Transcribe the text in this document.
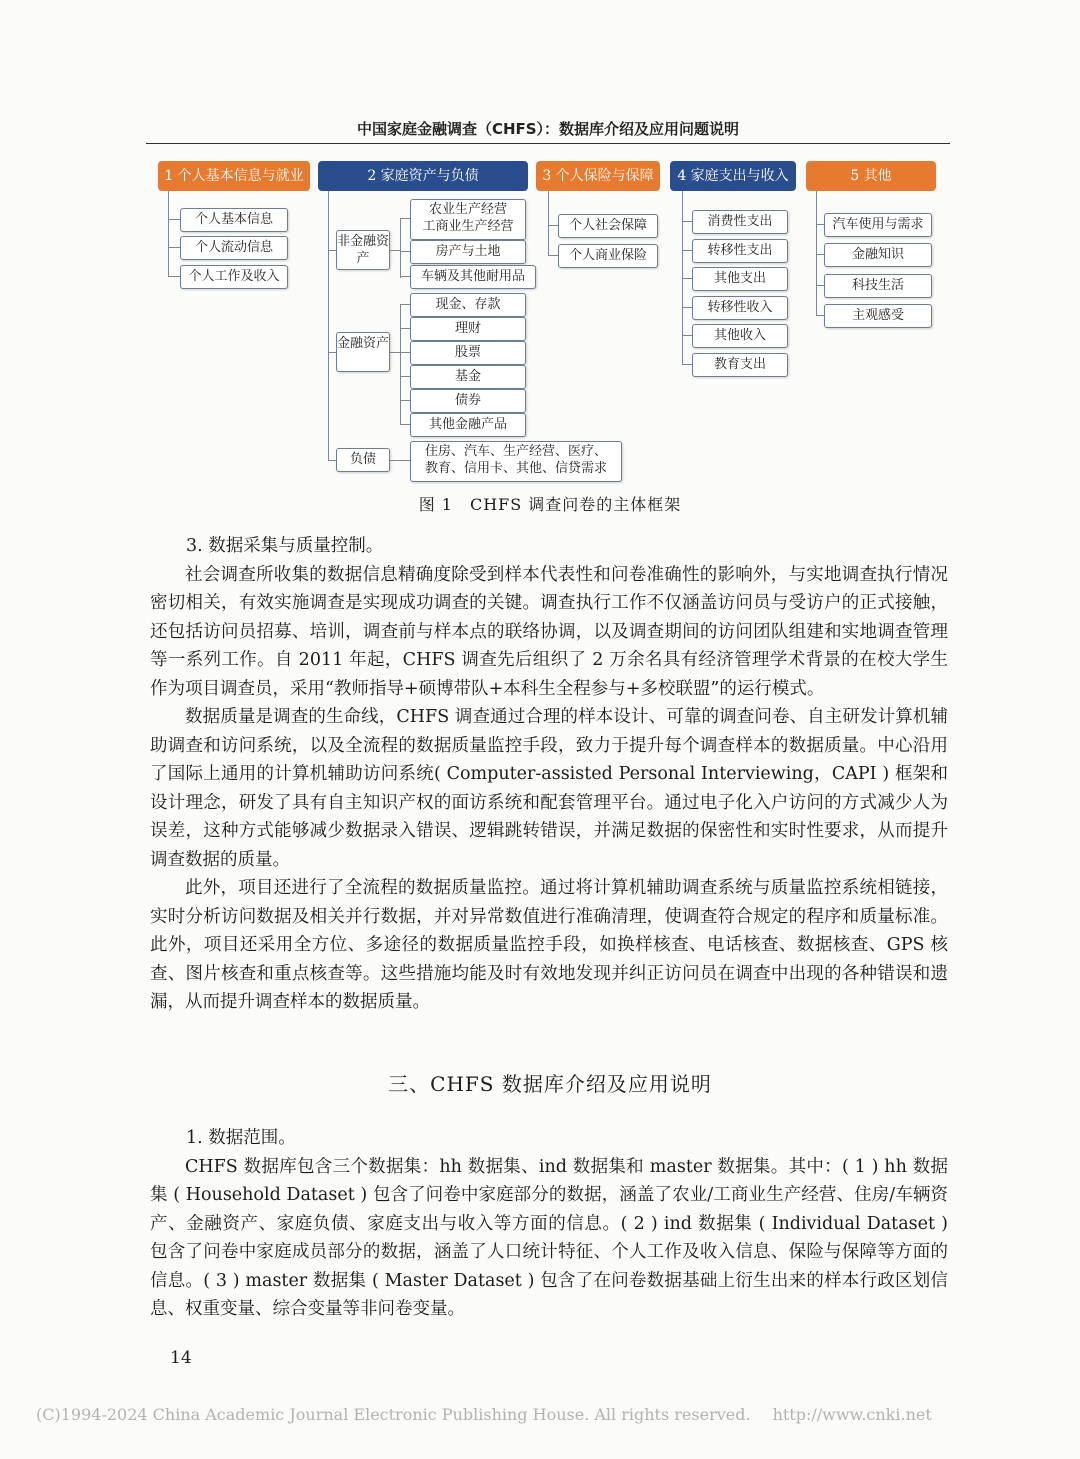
中国家庭金融调查（CHFS）：数据库介绍及应用问题说明
1 个人基本信息与就业	2 家庭资产与负债	3 个人保险与保障	4 家庭支出与收入	5 其他
个人基本信息
个人流动信息
个人工作及收入
非金融资产
金融资产
负债
农业生产经营
工商业生产经营
房产与土地
车辆及其他耐用品
现金、存款
理财
股票
基金
债券
其他金融产品
住房、汽车、生产经营、医疗、
教育、信用卡、其他、信贷需求
个人社会保障
个人商业保险
消费性支出
转移性支出
其他支出
转移性收入
其他收入
教育支出
汽车使用与需求
金融知识
科技生活
主观感受
图 1　CHFS 调查问卷的主体框架

3. 数据采集与质量控制。

社会调查所收集的数据信息精确度除受到样本代表性和问卷准确性的影响外，与实地调查执行情况密切相关，有效实施调查是实现成功调查的关键。调查执行工作不仅涵盖访问员与受访户的正式接触，还包括访问员招募、培训，调查前与样本点的联络协调，以及调查期间的访问团队组建和实地调查管理等一系列工作。自 2011 年起，CHFS 调查先后组织了 2 万余名具有经济管理学术背景的在校大学生作为项目调查员，采用“教师指导+硕博带队+本科生全程参与+多校联盟”的运行模式。

数据质量是调查的生命线，CHFS 调查通过合理的样本设计、可靠的调查问卷、自主研发计算机辅助调查和访问系统，以及全流程的数据质量监控手段，致力于提升每个调查样本的数据质量。中心沿用了国际上通用的计算机辅助访问系统( Computer-assisted Personal Interviewing，CAPI ) 框架和设计理念，研发了具有自主知识产权的面访系统和配套管理平台。通过电子化入户访问的方式减少人为误差，这种方式能够减少数据录入错误、逻辑跳转错误，并满足数据的保密性和实时性要求，从而提升调查数据的质量。

此外，项目还进行了全流程的数据质量监控。通过将计算机辅助调查系统与质量监控系统相链接，实时分析访问数据及相关并行数据，并对异常数值进行准确清理，使调查符合规定的程序和质量标准。此外，项目还采用全方位、多途径的数据质量监控手段，如换样核查、电话核查、数据核查、GPS 核查、图片核查和重点核查等。这些措施均能及时有效地发现并纠正访问员在调查中出现的各种错误和遗漏，从而提升调查样本的数据质量。

三、CHFS 数据库介绍及应用说明

1. 数据范围。

CHFS 数据库包含三个数据集：hh 数据集、ind 数据集和 master 数据集。其中：( 1 ) hh 数据集 ( Household Dataset ) 包含了问卷中家庭部分的数据，涵盖了农业/工商业生产经营、住房/车辆资产、金融资产、家庭负债、家庭支出与收入等方面的信息。( 2 ) ind 数据集 ( Individual Dataset ) 包含了问卷中家庭成员部分的数据，涵盖了人口统计特征、个人工作及收入信息、保险与保障等方面的信息。( 3 ) master 数据集 ( Master Dataset ) 包含了在问卷数据基础上衍生出来的样本行政区划信息、权重变量、综合变量等非问卷变量。

14
(C)1994-2024 China Academic Journal Electronic Publishing House. All rights reserved. http://www.cnki.net
